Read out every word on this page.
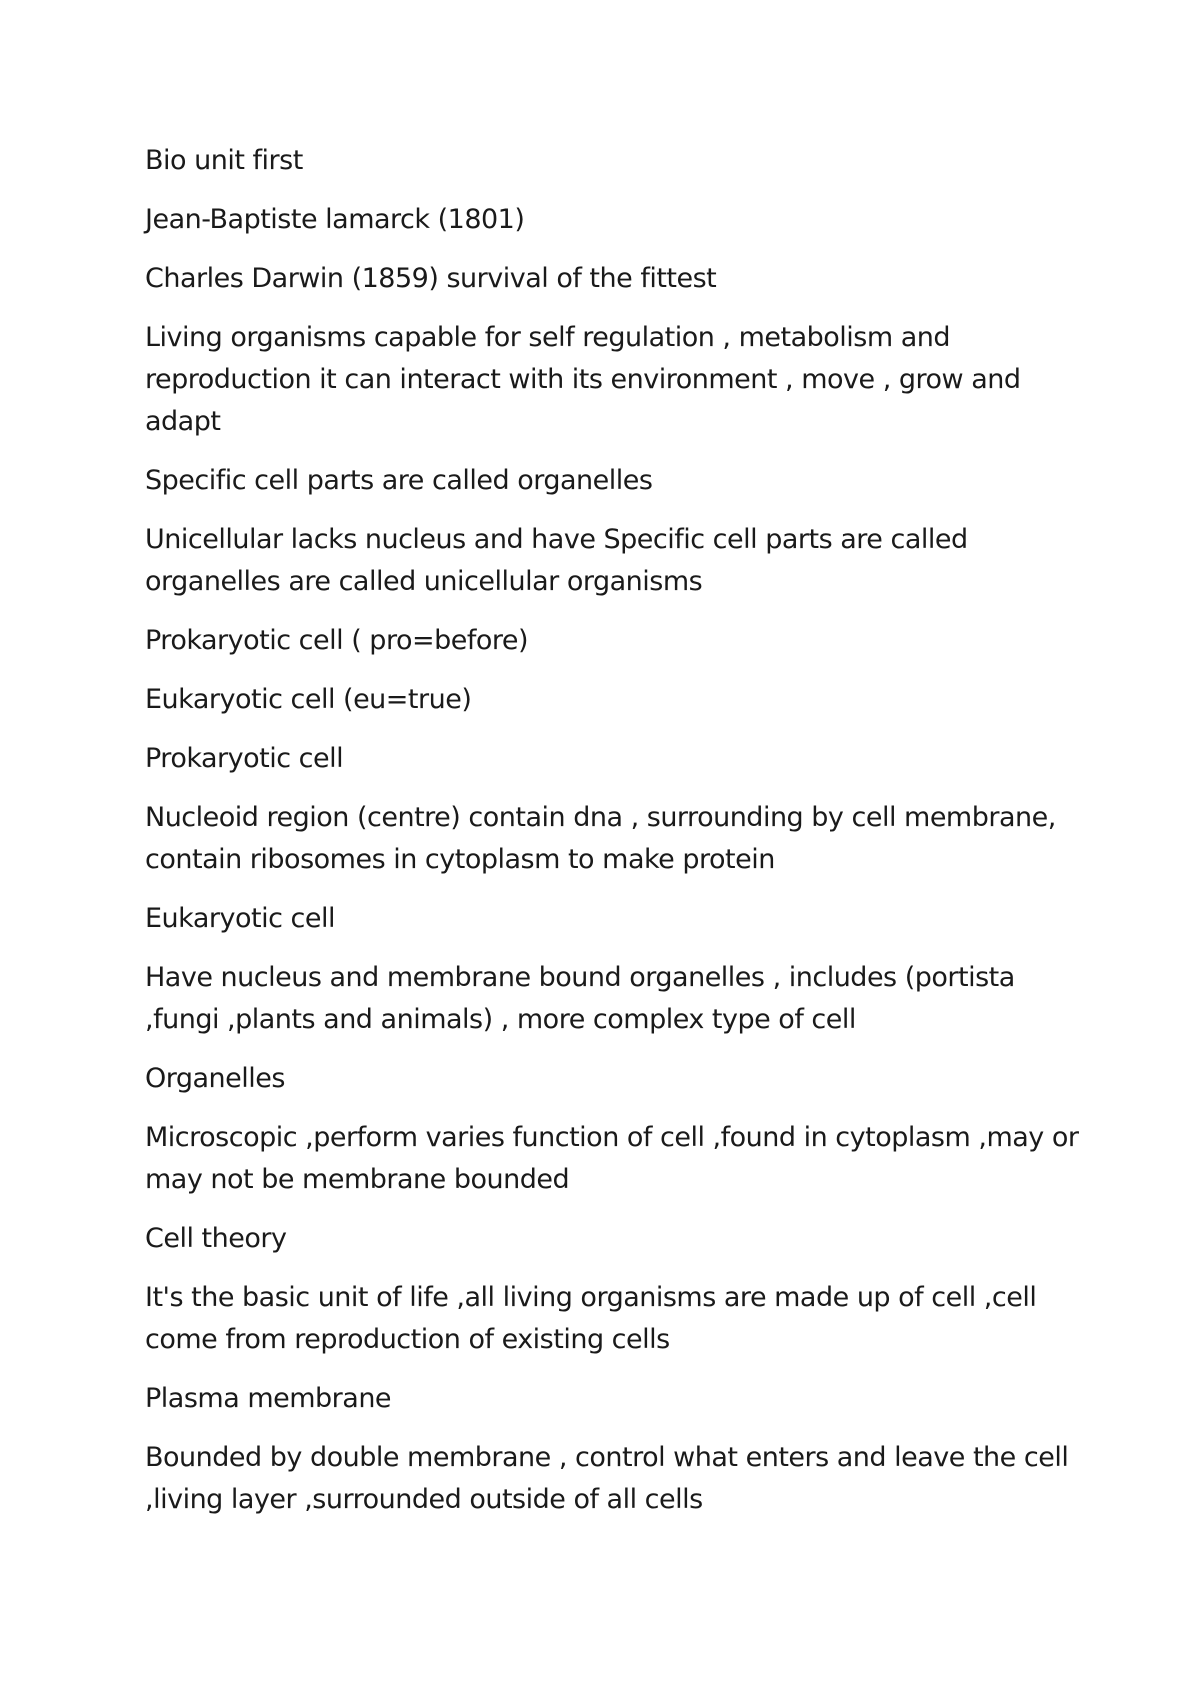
Bio unit first

Jean-Baptiste lamarck (1801)

Charles Darwin (1859) survival of the fittest

Living organisms capable for self regulation , metabolism and reproduction it can interact with its environment , move , grow and adapt

Specific cell parts are called organelles

Unicellular lacks nucleus and have Specific cell parts are called organelles are called unicellular organisms

Prokaryotic cell ( pro=before)

Eukaryotic cell (eu=true)

Prokaryotic cell

Nucleoid region (centre) contain dna , surrounding by cell membrane, contain ribosomes in cytoplasm to make protein

Eukaryotic cell

Have nucleus and membrane bound organelles , includes (portista ,fungi ,plants and animals) , more complex type of cell

Organelles

Microscopic ,perform varies function of cell ,found in cytoplasm ,may or may not be membrane bounded

Cell theory

It's the basic unit of life ,all living organisms are made up of cell ,cell come from reproduction of existing cells

Plasma membrane

Bounded by double membrane , control what enters and leave the cell ,living layer ,surrounded outside of all cells
